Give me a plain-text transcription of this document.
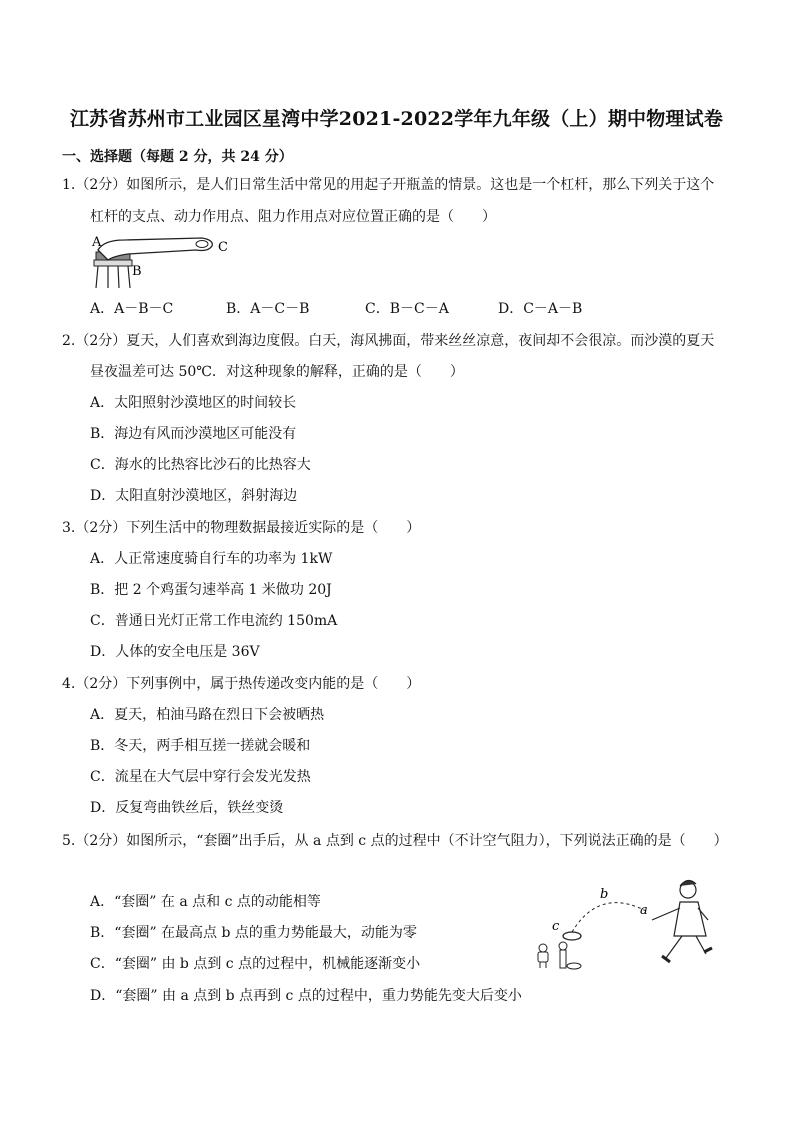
江苏省苏州市工业园区星湾中学2021-2022学年九年级（上）期中物理试卷
一、选择题（每题 2 分，共 24 分）
1.（2分）如图所示，是人们日常生活中常见的用起子开瓶盖的情景。这也是一个杠杆，那么下列关于这个
杠杆的支点、动力作用点、阻力作用点对应位置正确的是（　　）
A	C
B
A．A－B－C	B．A－C－B	C．B－C－A	D．C－A－B
2.（2分）夏天，人们喜欢到海边度假。白天，海风拂面，带来丝丝凉意，夜间却不会很凉。而沙漠的夏天
昼夜温差可达 50℃．对这种现象的解释，正确的是（　　）
A．太阳照射沙漠地区的时间较长
B．海边有风而沙漠地区可能没有
C．海水的比热容比沙石的比热容大
D．太阳直射沙漠地区，斜射海边
3.（2分）下列生活中的物理数据最接近实际的是（　　）
A．人正常速度骑自行车的功率为 1kW
B．把 2 个鸡蛋匀速举高 1 米做功 20J
C．普通日光灯正常工作电流约 150mA
D．人体的安全电压是 36V
4.（2分）下列事例中，属于热传递改变内能的是（　　）
A．夏天，柏油马路在烈日下会被晒热
B．冬天，两手相互搓一搓就会暖和
C．流星在大气层中穿行会发光发热
D．反复弯曲铁丝后，铁丝变烫
5.（2分）如图所示，“套圈”出手后，从 a 点到 c 点的过程中（不计空气阻力），下列说法正确的是（　　）
A．“套圈” 在 a 点和 c 点的动能相等
B．“套圈” 在最高点 b 点的重力势能最大，动能为零
C．“套圈” 由 b 点到 c 点的过程中，机械能逐渐变小
D．“套圈” 由 a 点到 b 点再到 c 点的过程中，重力势能先变大后变小
b
c
a
